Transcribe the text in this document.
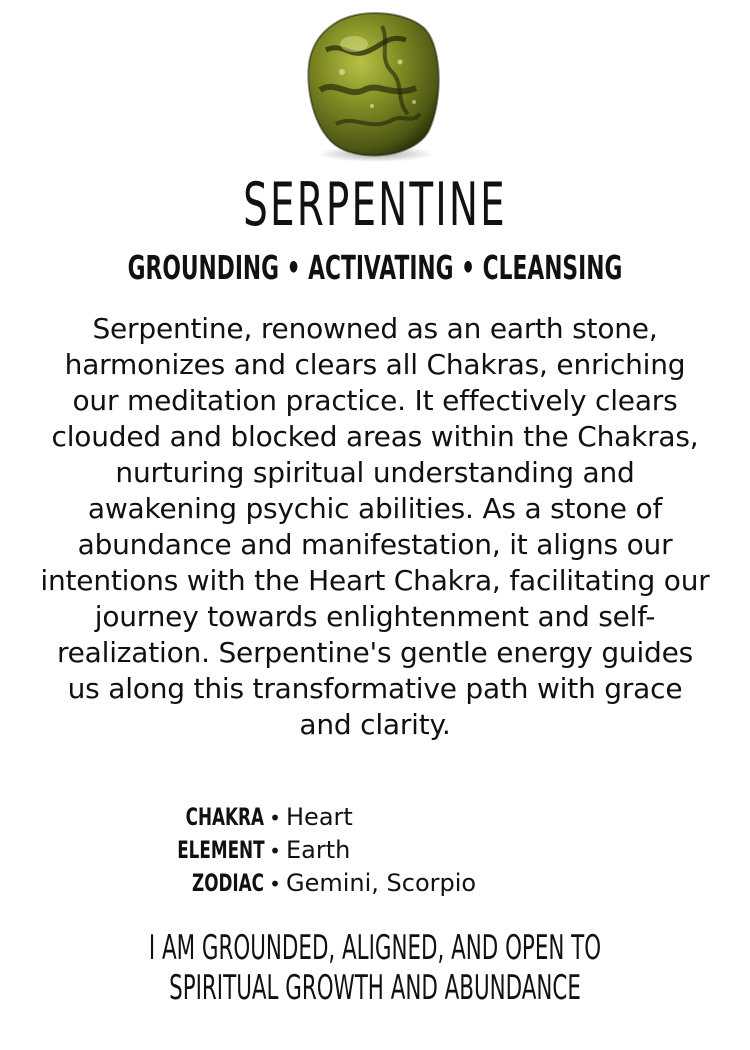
SERPENTINE
GROUNDING • ACTIVATING • CLEANSING
Serpentine, renowned as an earth stone, harmonizes and clears all Chakras, enriching our meditation practice. It effectively clears clouded and blocked areas within the Chakras, nurturing spiritual understanding and awakening psychic abilities. As a stone of abundance and manifestation, it aligns our intentions with the Heart Chakra, facilitating our journey towards enlightenment and self-realization. Serpentine's gentle energy guides us along this transformative path with grace and clarity.
CHAKRA • Heart
ELEMENT • Earth
ZODIAC • Gemini, Scorpio
I AM GROUNDED, ALIGNED, AND OPEN TO
SPIRITUAL GROWTH AND ABUNDANCE
